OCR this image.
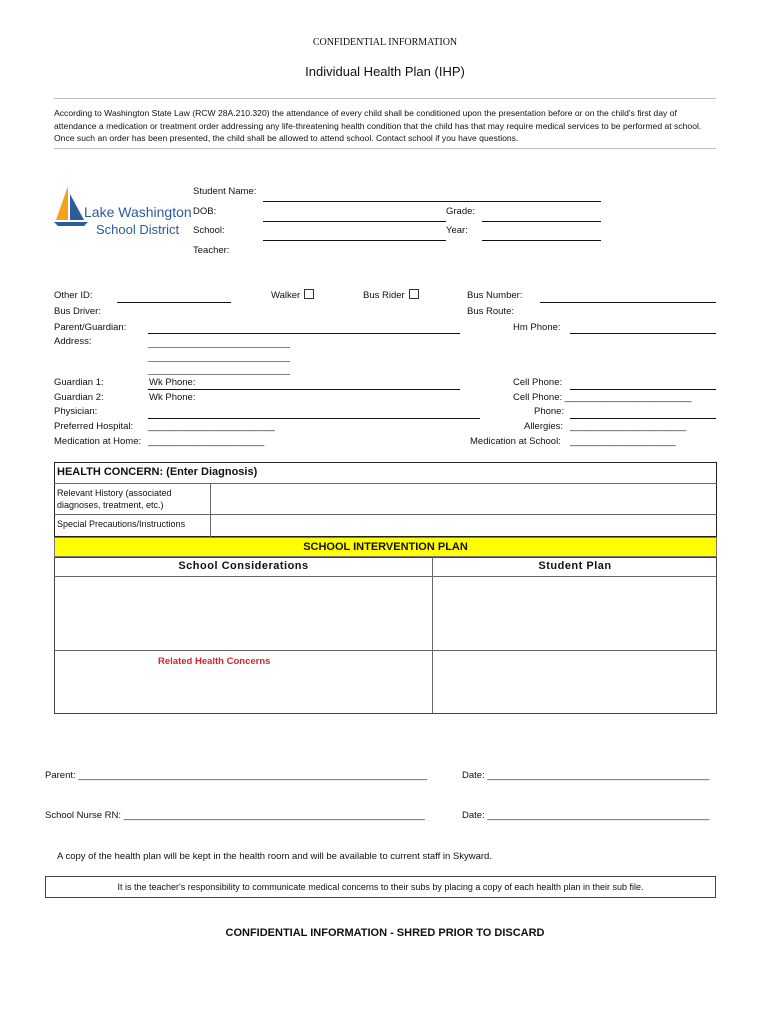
CONFIDENTIAL INFORMATION
Individual Health Plan (IHP)
According to Washington State Law (RCW 28A.210.320) the attendance of every child shall be conditioned upon the presentation before or on the child's first day of attendance a medication or treatment order addressing any life-threatening health condition that the child has that may require medical services to be performed at school. Once such an order has been presented, the child shall be allowed to attend school. Contact school if you have questions.
Lake Washington
School District
Student Name:
DOB:	Grade:
School:	Year:
Teacher:
Other ID:	Walker	Bus Rider	Bus Number:
Bus Driver:	Bus Route:
Parent/Guardian:	Hm Phone:
Address:	______________________________
______________________________
______________________________
Guardian 1:	Wk Phone:	Cell Phone:
Guardian 2:	Wk Phone:	Cell Phone: ________________________
Physician:	Phone:
Preferred Hospital: ________________________	Allergies: ______________________
Medication at Home: ______________________	Medication at School: ____________________
HEALTH CONCERN: (Enter Diagnosis)
Relevant History (associated diagnoses, treatment, etc.)
Special Precautions/Instructions
SCHOOL INTERVENTION PLAN
School Considerations	Student Plan
Related Health Concerns
Parent: __________________________________________________________________	Date: __________________________________________
School Nurse RN: _________________________________________________________	Date: __________________________________________
A copy of the health plan will be kept in the health room and will be available to current staff in Skyward.
It is the teacher's responsibility to communicate medical concerns to their subs by placing a copy of each health plan in their sub file.
CONFIDENTIAL INFORMATION - SHRED PRIOR TO DISCARD
